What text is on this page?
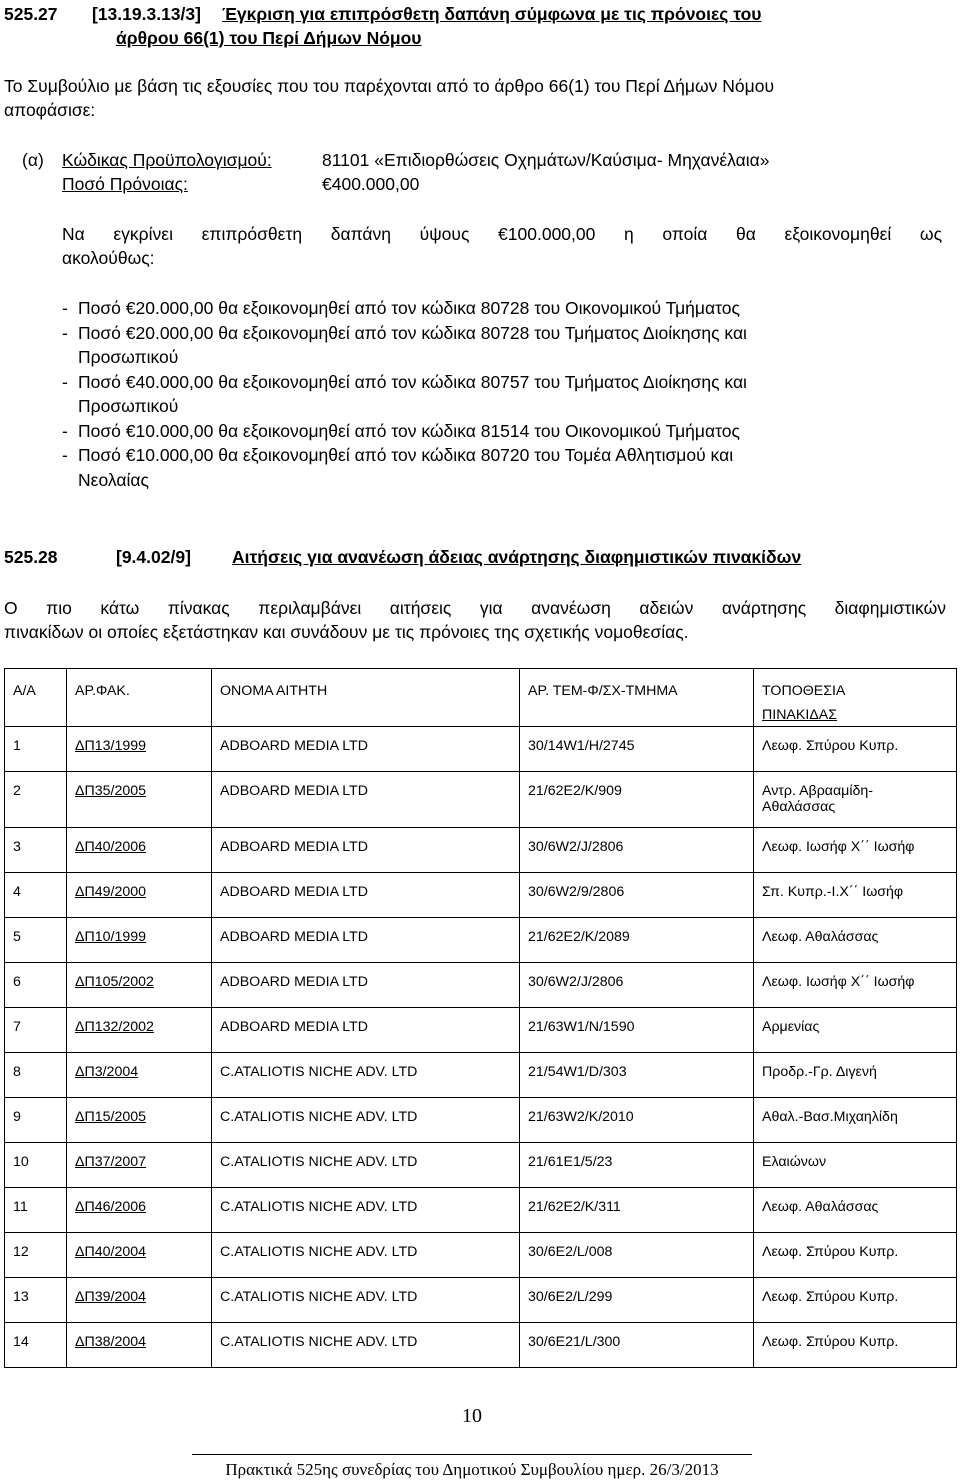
525.27 [13.19.3.13/3] Έγκριση για επιπρόσθετη δαπάνη σύμφωνα με τις πρόνοιες του
άρθρου 66(1) του Περί Δήμων Νόμου
Το Συμβούλιο με βάση τις εξουσίες που του παρέχονται από το άρθρο 66(1) του Περί Δήμων Νόμου
αποφάσισε:
(α) Κώδικας Προϋπολογισμού:	81101 «Επιδιορθώσεις Οχημάτων/Καύσιμα- Μηχανέλαια»
Ποσό Πρόνοιας:	€400.000,00
Να εγκρίνει επιπρόσθετη δαπάνη ύψους €100.000,00 η οποία θα εξοικονομηθεί ως
ακολούθως:
- Ποσό €20.000,00 θα εξοικονομηθεί από τον κώδικα 80728 του Οικονομικού Τμήματος
- Ποσό €20.000,00 θα εξοικονομηθεί από τον κώδικα 80728 του Τμήματος Διοίκησης και
Προσωπικού
- Ποσό €40.000,00 θα εξοικονομηθεί από τον κώδικα 80757 του Τμήματος Διοίκησης και
Προσωπικού
- Ποσό €10.000,00 θα εξοικονομηθεί από τον κώδικα 81514 του Οικονομικού Τμήματος
- Ποσό €10.000,00 θα εξοικονομηθεί από τον κώδικα 80720 του Τομέα Αθλητισμού και
Νεολαίας
525.28	[9.4.02/9] Αιτήσεις για ανανέωση άδειας ανάρτησης διαφημιστικών πινακίδων
Ο πιο κάτω πίνακας περιλαμβάνει αιτήσεις για ανανέωση αδειών ανάρτησης διαφημιστικών
πινακίδων οι οποίες εξετάστηκαν και συνάδουν με τις πρόνοιες της σχετικής νομοθεσίας.
Α/Α	ΑΡ.ΦΑΚ.	ΟΝΟΜΑ ΑΙΤΗΤΗ	ΑΡ. ΤΕΜ-Φ/ΣΧ-ΤΜΗΜΑ	ΤΟΠΟΘΕΣΙΑ
ΠΙΝΑΚΙΔΑΣ

1	ΔΠ13/1999	ADBOARD MEDIA LTD	30/14W1/H/2745	Λεωφ. Σπύρου Κυπρ.

2	ΔΠ35/2005	ADBOARD MEDIA LTD	21/62E2/K/909	Αντρ. Αβρααμίδη-
Αθαλάσσας

3	ΔΠ40/2006	ADBOARD MEDIA LTD	30/6W2/J/2806	Λεωφ. Ιωσήφ Χ΄΄ Ιωσήφ

4	ΔΠ49/2000	ADBOARD MEDIA LTD	30/6W2/9/2806	Σπ. Κυπρ.-Ι.Χ΄΄ Ιωσήφ

5	ΔΠ10/1999	ADBOARD MEDIA LTD	21/62E2/K/2089	Λεωφ. Αθαλάσσας

6	ΔΠ105/2002	ADBOARD MEDIA LTD	30/6W2/J/2806	Λεωφ. Ιωσήφ Χ΄΄ Ιωσήφ

7	ΔΠ132/2002	ADBOARD MEDIA LTD	21/63W1/N/1590	Αρμενίας

8	ΔΠ3/2004	C.ATALIOTIS NICHE ADV. LTD	21/54W1/D/303	Προδρ.-Γρ. Διγενή

9	ΔΠ15/2005	C.ATALIOTIS NICHE ADV. LTD	21/63W2/K/2010	Αθαλ.-Βασ.Μιχαηλίδη

10	ΔΠ37/2007	C.ATALIOTIS NICHE ADV. LTD	21/61E1/5/23	Ελαιώνων

11	ΔΠ46/2006	C.ATALIOTIS NICHE ADV. LTD	21/62E2/K/311	Λεωφ. Αθαλάσσας

12	ΔΠ40/2004	C.ATALIOTIS NICHE ADV. LTD	30/6E2/L/008	Λεωφ. Σπύρου Κυπρ.

13	ΔΠ39/2004	C.ATALIOTIS NICHE ADV. LTD	30/6E2/L/299	Λεωφ. Σπύρου Κυπρ.

14	ΔΠ38/2004	C.ATALIOTIS NICHE ADV. LTD	30/6E21/L/300	Λεωφ. Σπύρου Κυπρ.
10
Πρακτικά 525ης συνεδρίας του Δημοτικού Συμβουλίου ημερ. 26/3/2013
